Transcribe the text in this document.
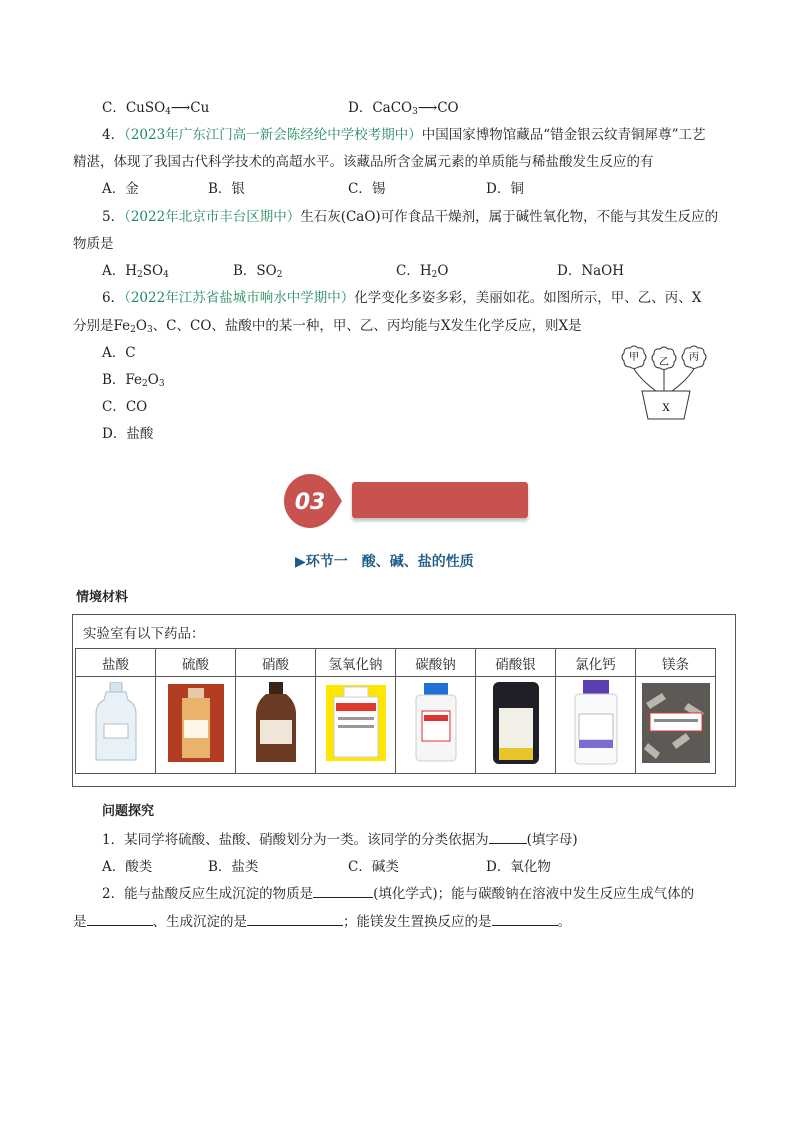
C．CuSO$_4$⟶Cu	D．CaCO$_3$⟶CO
4．（2023年广东江门高一新会陈经纶中学校考期中）中国国家博物馆藏品“错金银云纹青铜犀尊”工艺
精湛，体现了我国古代科学技术的高超水平。该藏品所含金属元素的单质能与稀盐酸发生反应的有
A．金	B．银	C．锡	D．铜
5．（2022年北京市丰台区期中）生石灰(CaO)可作食品干燥剂，属于碱性氧化物，不能与其发生反应的
物质是
A．$H_2SO_4$	B．$SO_2$	C．$H_2O$	D．NaOH
6．（2022年江苏省盐城市响水中学期中）化学变化多姿多彩，美丽如花。如图所示，甲、乙、丙、X
分别是$Fe_2O_3$、C、CO、盐酸中的某一种，甲、乙、丙均能与X发生化学反应，则X是
A．C
B．$Fe_2O_3$
C．CO
D．盐酸
甲 乙 丙
X
03
▶环节一　酸、碱、盐的性质
情境材料
实验室有以下药品：
盐酸	硫酸	硝酸	氢氧化钠	碳酸钠	硝酸银	氯化钙	镁条

问题探究
1．某同学将硫酸、盐酸、硝酸划分为一类。该同学的分类依据为	(填字母)
A．酸类	B．盐类	C．碱类	D．氧化物
2．能与盐酸反应生成沉淀的物质是	(填化学式)；能与碳酸钠在溶液中发生反应生成气体的
是	、生成沉淀的是	；能镁发生置换反应的是	。
